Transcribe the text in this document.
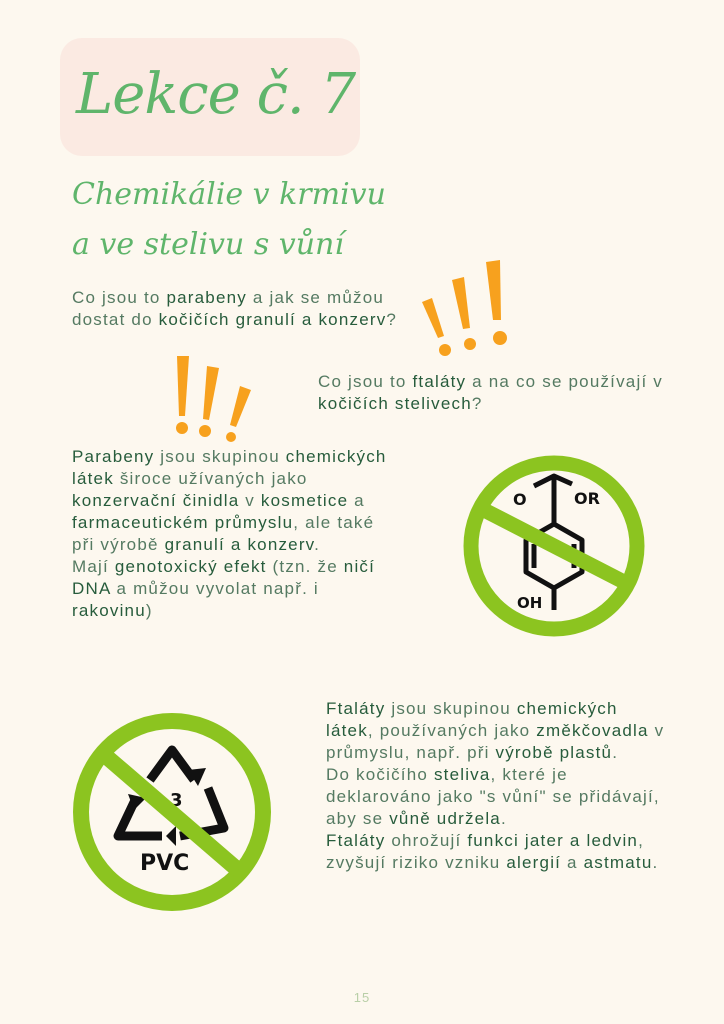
Lekce č. 7
Chemikálie v krmivu
a ve stelivu s vůní

Co jsou to parabeny a jak se můžou dostat do kočičích granulí a konzerv?

Co jsou to ftaláty a na co se používají v kočičích stelivech?

Parabeny jsou skupinou chemických látek široce užívaných jako konzervační činidla v kosmetice a farmaceutickém průmyslu, ale také při výrobě granulí a konzerv.
Mají genotoxický efekt (tzn. že ničí DNA a můžou vyvolat např. i rakovinu)

O	OR
OH
3
PVC

Ftaláty jsou skupinou chemických látek, používaných jako změkčovadla v průmyslu, např. při výrobě plastů.
Do kočičího steliva, které je deklarováno jako "s vůní" se přidávají, aby se vůně udržela.
Ftaláty ohrožují funkci jater a ledvin, zvyšují riziko vzniku alergií a astmatu.

15
